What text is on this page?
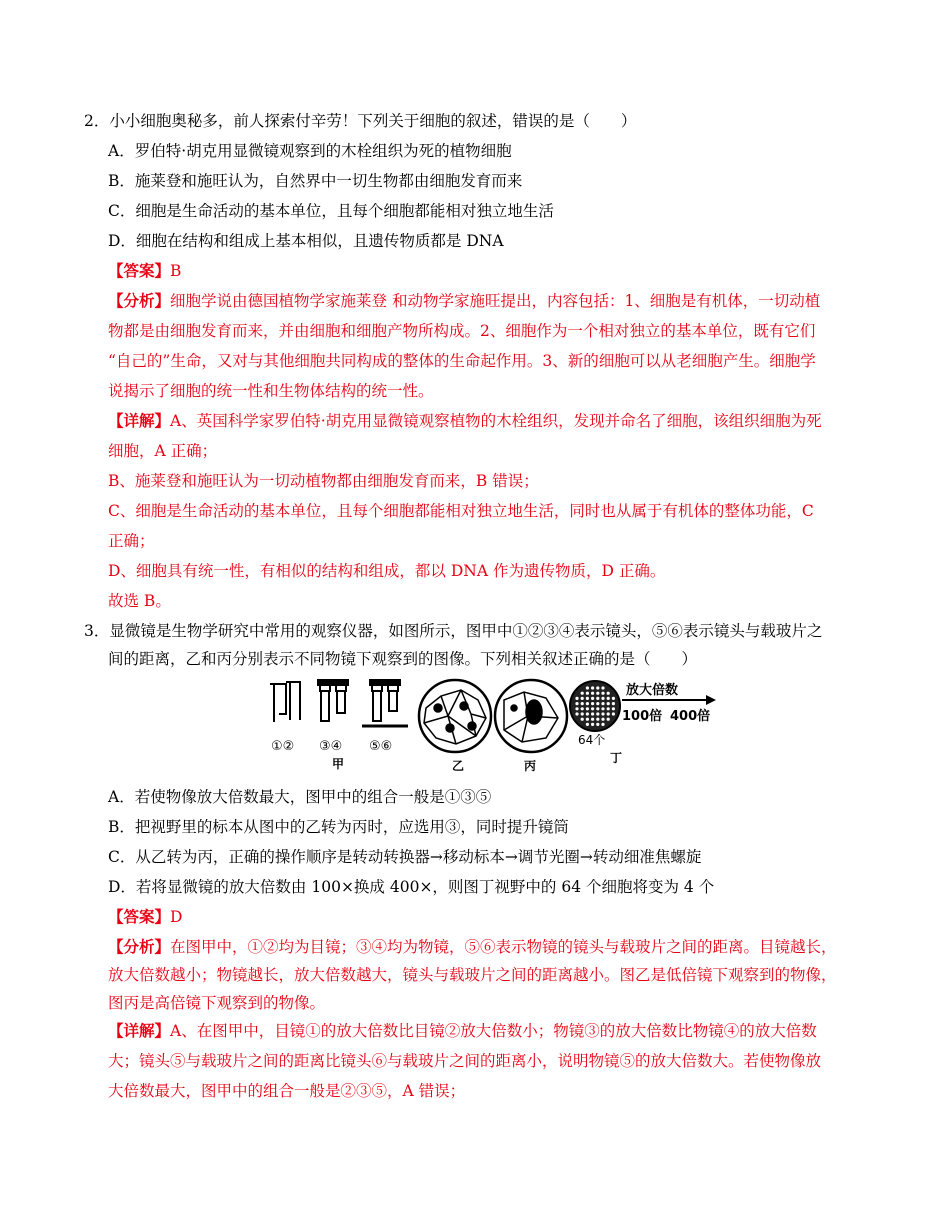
2．小小细胞奥秘多，前人探索付辛劳！下列关于细胞的叙述，错误的是（　　）
A．罗伯特·胡克用显微镜观察到的木栓组织为死的植物细胞
B．施莱登和施旺认为，自然界中一切生物都由细胞发育而来
C．细胞是生命活动的基本单位，且每个细胞都能相对独立地生活
D．细胞在结构和组成上基本相似，且遗传物质都是 DNA
【答案】B
【分析】细胞学说由德国植物学家施莱登 和动物学家施旺提出，内容包括：1、细胞是有机体，一切动植
物都是由细胞发育而来，并由细胞和细胞产物所构成。2、细胞作为一个相对独立的基本单位，既有它们
“自己的”生命，又对与其他细胞共同构成的整体的生命起作用。3、新的细胞可以从老细胞产生。细胞学
说揭示了细胞的统一性和生物体结构的统一性。
【详解】A、英国科学家罗伯特·胡克用显微镜观察植物的木栓组织，发现并命名了细胞，该组织细胞为死
细胞，A 正确；
B、施莱登和施旺认为一切动植物都由细胞发育而来，B 错误；
C、细胞是生命活动的基本单位，且每个细胞都能相对独立地生活，同时也从属于有机体的整体功能，C
正确；
D、细胞具有统一性，有相似的结构和组成，都以 DNA 作为遗传物质，D 正确。
故选 B。
3．显微镜是生物学研究中常用的观察仪器，如图所示，图甲中①②③④表示镜头，⑤⑥表示镜头与载玻片之
间的距离，乙和丙分别表示不同物镜下观察到的图像。下列相关叙述正确的是（　　）
①② ③④ ⑤⑥
甲	乙	丙
64个
丁
放大倍数
100倍 400倍
A．若使物像放大倍数最大，图甲中的组合一般是①③⑤
B．把视野里的标本从图中的乙转为丙时，应选用③，同时提升镜筒
C．从乙转为丙，正确的操作顺序是转动转换器→移动标本→调节光圈→转动细准焦螺旋
D．若将显微镜的放大倍数由 100×换成 400×，则图丁视野中的 64 个细胞将变为 4 个
【答案】D
【分析】在图甲中，①②均为目镜；③④均为物镜，⑤⑥表示物镜的镜头与载玻片之间的距离。目镜越长，
放大倍数越小；物镜越长，放大倍数越大，镜头与载玻片之间的距离越小。图乙是低倍镜下观察到的物像，
图丙是高倍镜下观察到的物像。
【详解】A、在图甲中，目镜①的放大倍数比目镜②放大倍数小；物镜③的放大倍数比物镜④的放大倍数
大；镜头⑤与载玻片之间的距离比镜头⑥与载玻片之间的距离小，说明物镜⑤的放大倍数大。若使物像放
大倍数最大，图甲中的组合一般是②③⑤，A 错误；
